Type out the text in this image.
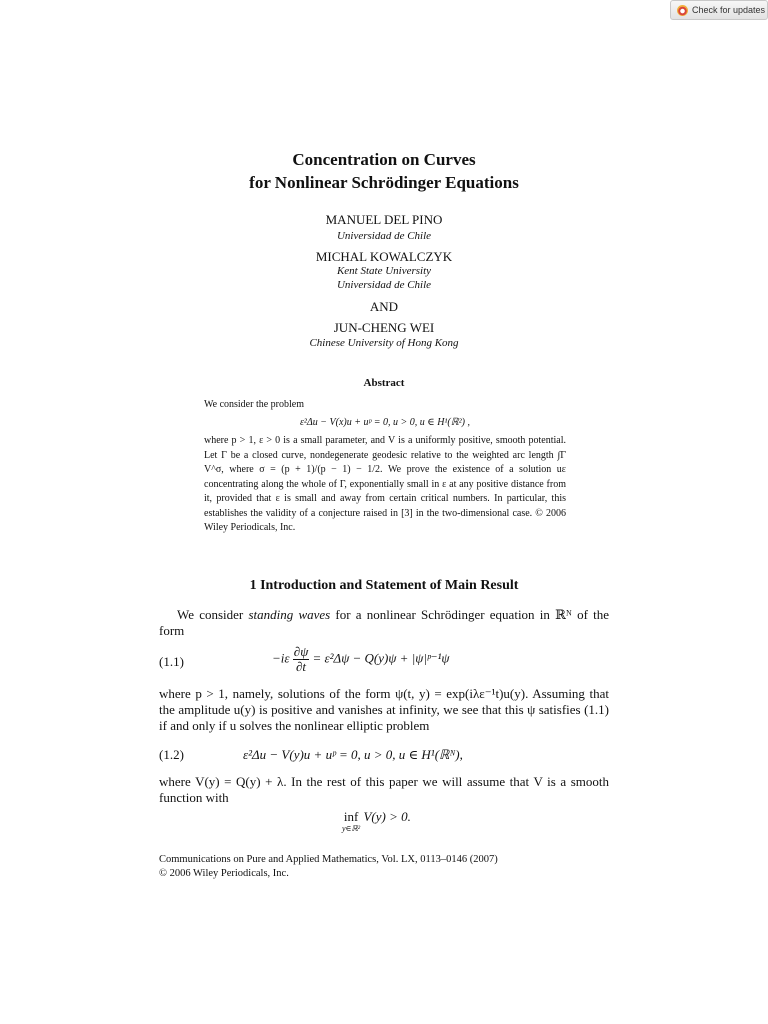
Check for updates
Concentration on Curves
for Nonlinear Schrödinger Equations
MANUEL DEL PINO
Universidad de Chile
MICHAL KOWALCZYK
Kent State University
Universidad de Chile
AND
JUN-CHENG WEI
Chinese University of Hong Kong
Abstract

We consider the problem

ε²Δu − V(x)u + uᵖ = 0, u > 0, u ∈ H¹(ℝ²) ,

where p > 1, ε > 0 is a small parameter, and V is a uniformly positive, smooth potential. Let Γ be a closed curve, nondegenerate geodesic relative to the weighted arc length ∫Γ V^σ, where σ = (p + 1)/(p − 1) − 1/2. We prove the existence of a solution uε concentrating along the whole of Γ, exponentially small in ε at any positive distance from it, provided that ε is small and away from certain critical numbers. In particular, this establishes the validity of a conjecture raised in [3] in the two-dimensional case. © 2006 Wiley Periodicals, Inc.

1 Introduction and Statement of Main Result

We consider standing waves for a nonlinear Schrödinger equation in ℝᴺ of the form

(1.1)	$-i\varepsilon \frac{\partial\psi}{\partial t} = \varepsilon^2\Delta\psi - Q(y)\psi$ + |ψ|ᵖ⁻¹ψ

where p > 1, namely, solutions of the form ψ(t, y) = exp(iλε⁻¹t)u(y). Assuming that the amplitude u(y) is positive and vanishes at infinity, we see that this ψ satisfies (1.1) if and only if u solves the nonlinear elliptic problem

(1.2)	ε²Δu − V(y)u + uᵖ = 0, u > 0, u ∈ H¹(ℝᴺ),

where V(y) = Q(y) + λ. In the rest of this paper we will assume that V is a smooth function with

inf
y∈ℝ²
V(y) > 0.
Communications on Pure and Applied Mathematics, Vol. LX, 0113–0146 (2007)
© 2006 Wiley Periodicals, Inc.
